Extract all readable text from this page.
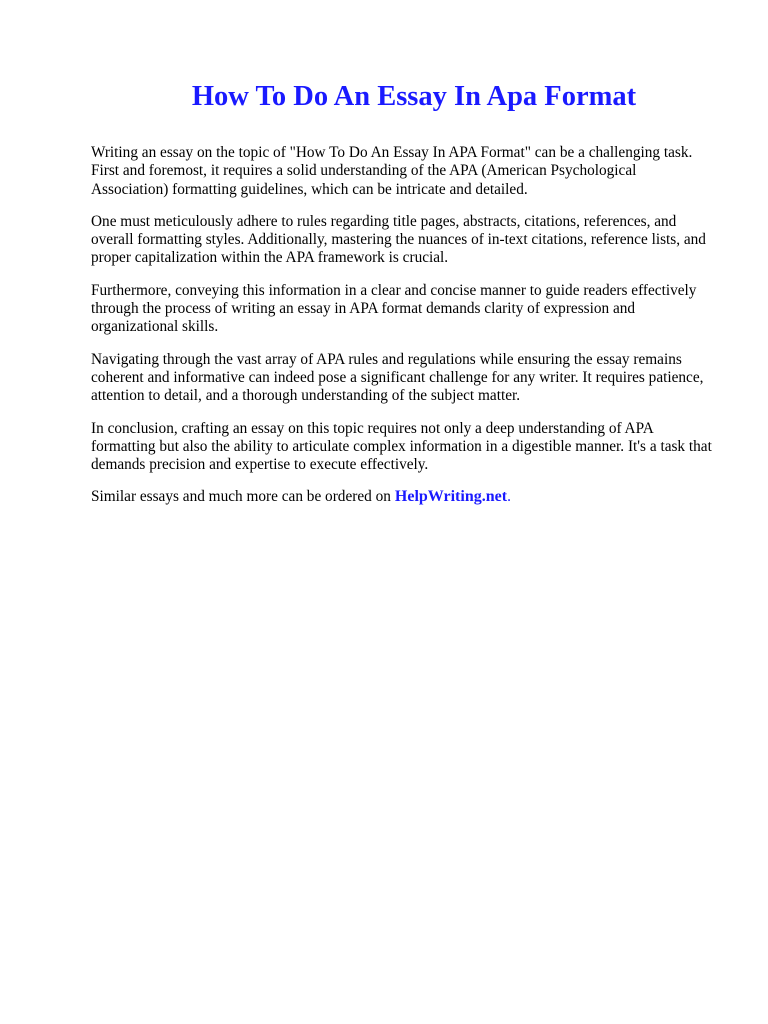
How To Do An Essay In Apa Format

Writing an essay on the topic of "How To Do An Essay In APA Format" can be a challenging task.
First and foremost, it requires a solid understanding of the APA (American Psychological
Association) formatting guidelines, which can be intricate and detailed.

One must meticulously adhere to rules regarding title pages, abstracts, citations, references, and
overall formatting styles. Additionally, mastering the nuances of in-text citations, reference lists, and
proper capitalization within the APA framework is crucial.

Furthermore, conveying this information in a clear and concise manner to guide readers effectively
through the process of writing an essay in APA format demands clarity of expression and
organizational skills.

Navigating through the vast array of APA rules and regulations while ensuring the essay remains
coherent and informative can indeed pose a significant challenge for any writer. It requires patience,
attention to detail, and a thorough understanding of the subject matter.

In conclusion, crafting an essay on this topic requires not only a deep understanding of APA
formatting but also the ability to articulate complex information in a digestible manner. It's a task that
demands precision and expertise to execute effectively.

Similar essays and much more can be ordered on HelpWriting.net.
